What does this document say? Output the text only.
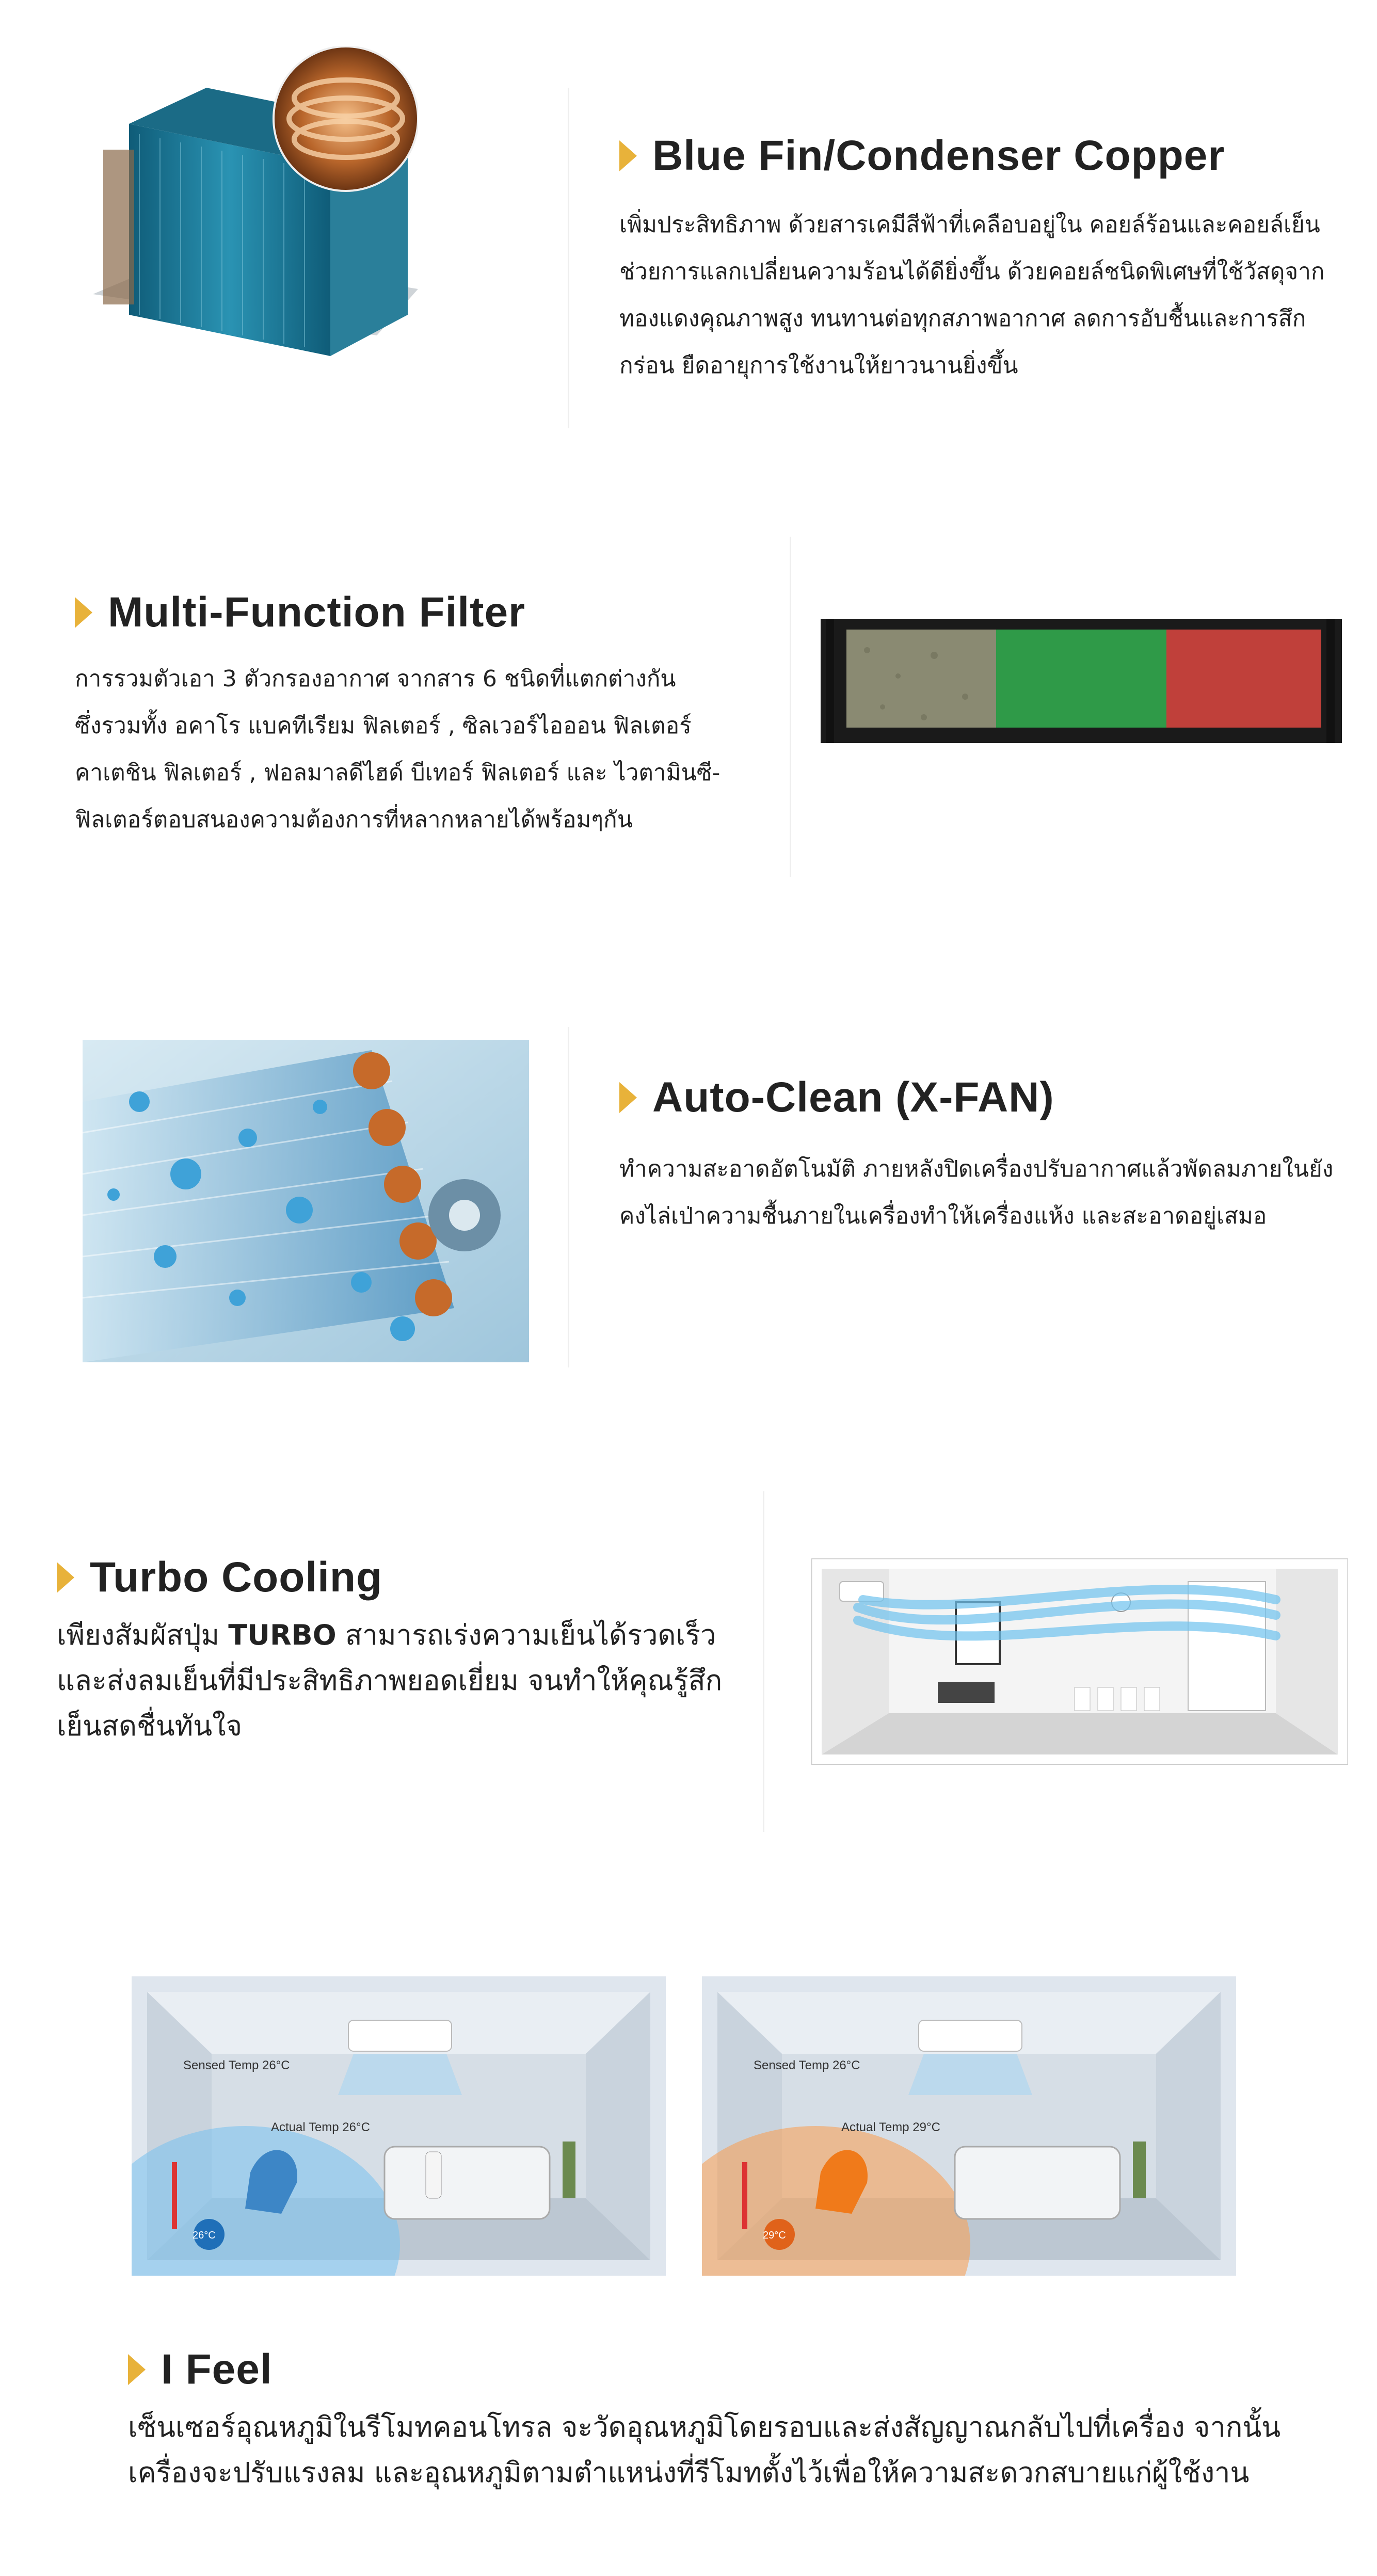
Blue Fin/Condenser Copper
เพิ่มประสิทธิภาพ ด้วยสารเคมีสีฟ้าที่เคลือบอยู่ใน คอยล์ร้อนและคอยล์เย็น
ช่วยการแลกเปลี่ยนความร้อนได้ดียิ่งขึ้น ด้วยคอยล์ชนิดพิเศษที่ใช้วัสดุจาก
ทองแดงคุณภาพสูง ทนทานต่อทุกสภาพอากาศ ลดการอับชื้นและการสึก
กร่อน ยืดอายุการใช้งานให้ยาวนานยิ่งขึ้น
Multi-Function Filter
การรวมตัวเอา 3 ตัวกรองอากาศ จากสาร 6 ชนิดที่แตกต่างกัน
ซึ่งรวมทั้ง อคาโร แบคทีเรียม ฟิลเตอร์ , ซิลเวอร์ไอออน ฟิลเตอร์
คาเตชิน ฟิลเตอร์ , ฟอลมาลดีไฮด์ บีเทอร์ ฟิลเตอร์ และ ไวตามินซี-
ฟิลเตอร์ตอบสนองความต้องการที่หลากหลายได้พร้อมๆกัน
Auto-Clean (X-FAN)
ทำความสะอาดอัตโนมัติ ภายหลังปิดเครื่องปรับอากาศแล้วพัดลมภายในยัง
คงไล่เป่าความชื้นภายในเครื่องทำให้เครื่องแห้ง และสะอาดอยู่เสมอ
Turbo Cooling
เพียงสัมผัสปุ่ม TURBO สามารถเร่งความเย็นได้รวดเร็ว
และส่งลมเย็นที่มีประสิทธิภาพยอดเยี่ยม จนทำให้คุณรู้สึก
เย็นสดชื่นทันใจ
Sensed Temp 26°C
Actual Temp 26°C
26°C
Sensed Temp 26°C
Actual Temp 29°C
29°C
I Feel
เซ็นเซอร์อุณหภูมิในรีโมทคอนโทรล จะวัดอุณหภูมิโดยรอบและส่งสัญญาณกลับไปที่เครื่อง จากนั้น
เครื่องจะปรับแรงลม และอุณหภูมิตามตำแหน่งที่รีโมทตั้งไว้เพื่อให้ความสะดวกสบายแก่ผู้ใช้งาน
